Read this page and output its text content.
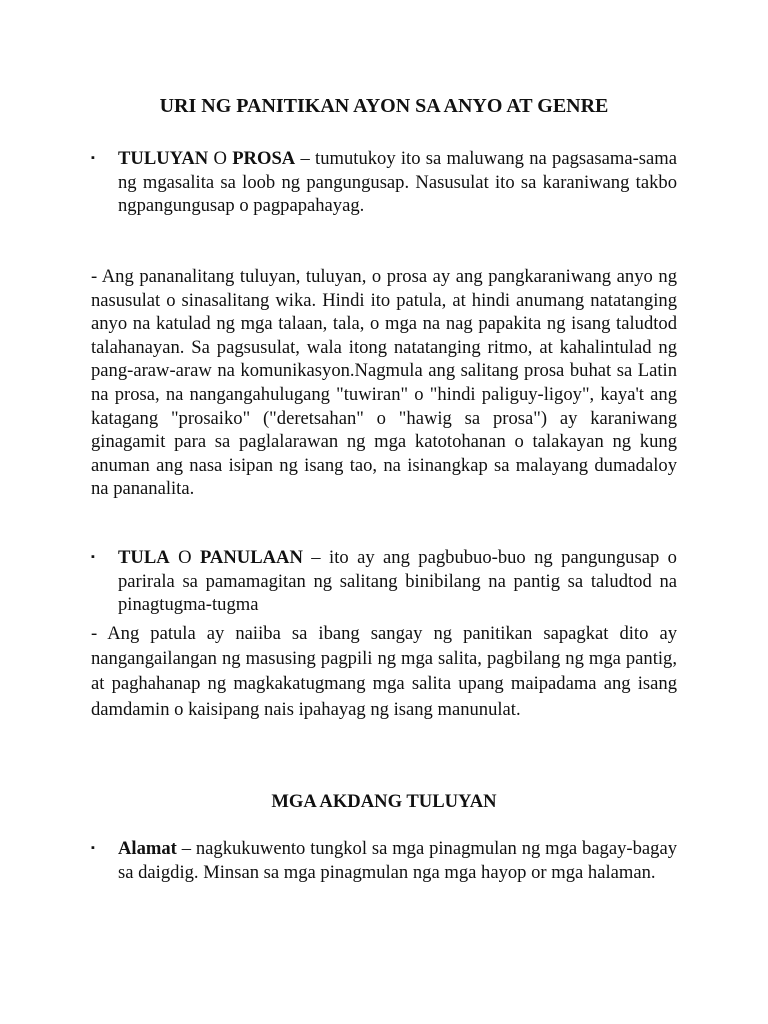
URI NG PANITIKAN AYON SA ANYO AT GENRE
▪	TULUYAN O PROSA – tumutukoy ito sa maluwang na pagsasama-sama ng mgasalita sa loob ng pangungusap. Nasusulat ito sa karaniwang takbo ngpangungusap o pagpapahayag.

- Ang pananalitang tuluyan, tuluyan, o prosa ay ang pangkaraniwang anyo ng nasusulat o sinasalitang wika. Hindi ito patula, at hindi anumang natatanging anyo na katulad ng mga talaan, tala, o mga na nag papakita ng isang taludtod talahanayan. Sa pagsusulat, wala itong natatanging ritmo, at kahalintulad ng pang-araw-araw na komunikasyon.Nagmula ang salitang prosa buhat sa Latin na prosa, na nangangahulugang "tuwiran" o "hindi paliguy-ligoy", kaya't ang katagang "prosaiko" ("deretsahan" o "hawig sa prosa") ay karaniwang ginagamit para sa paglalarawan ng mga katotohanan o talakayan ng kung anuman ang nasa isipan ng isang tao, na isinangkap sa malayang dumadaloy na pananalita.

▪	TULA O PANULAAN – ito ay ang pagbubuo-buo ng pangungusap o parirala sa pamamagitan ng salitang binibilang na pantig sa taludtod na pinagtugma-tugma

- Ang patula ay naiiba sa ibang sangay ng panitikan sapagkat dito ay nangangailangan ng masusing pagpili ng mga salita, pagbilang ng mga pantig, at paghahanap ng magkakatugmang mga salita upang maipadama ang isang damdamin o kaisipang nais ipahayag ng isang manunulat.

MGA AKDANG TULUYAN
▪	Alamat – nagkukuwento tungkol sa mga pinagmulan ng mga bagay-bagay sa daigdig. Minsan sa mga pinagmulan nga mga hayop or mga halaman.
